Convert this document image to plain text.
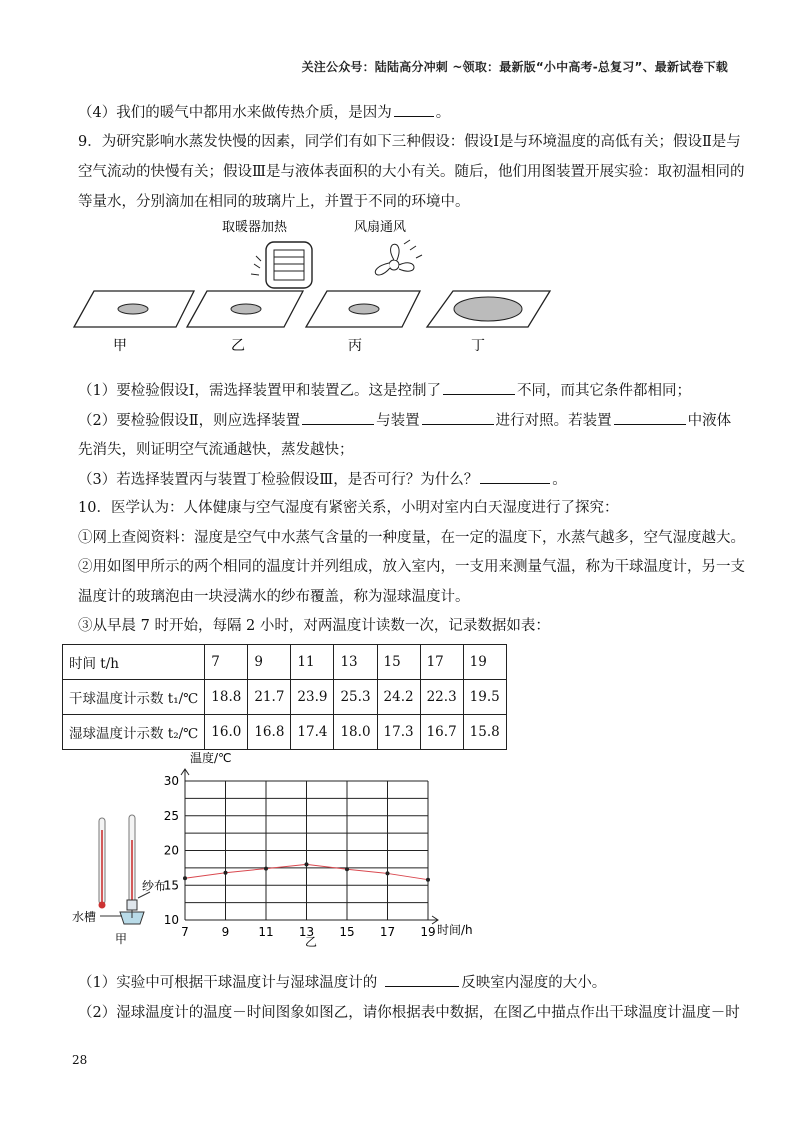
关注公众号：陆陆高分冲刺 ~领取：最新版“小中高考-总复习”、最新试卷下载
（4）我们的暖气中都用水来做传热介质，是因为	。
9．为研究影响水蒸发快慢的因素，同学们有如下三种假设：假设Ⅰ是与环境温度的高低有关；假设Ⅱ是与
空气流动的快慢有关；假设Ⅲ是与液体表面积的大小有关。随后，他们用图装置开展实验：取初温相同的
等量水，分别滴加在相同的玻璃片上，并置于不同的环境中。
取暖器加热	风扇通风
甲	乙	丙	丁
（1）要检验假设Ⅰ，需选择装置甲和装置乙。这是控制了	不同，而其它条件都相同；
（2）要检验假设Ⅱ，则应选择装置	与装置	进行对照。若装置	中液体
先消失，则证明空气流通越快，蒸发越快；
（3）若选择装置丙与装置丁检验假设Ⅲ，是否可行？为什么？	。
10．医学认为：人体健康与空气湿度有紧密关系，小明对室内白天湿度进行了探究：
①网上查阅资料：湿度是空气中水蒸气含量的一种度量，在一定的温度下，水蒸气越多，空气湿度越大。
②用如图甲所示的两个相同的温度计并列组成，放入室内，一支用来测量气温，称为干球温度计，另一支
温度计的玻璃泡由一块浸满水的纱布覆盖，称为湿球温度计。
③从早晨 7 时开始，每隔 2 小时，对两温度计读数一次，记录数据如表：
时间 t/h	7	9	11	13	15	17	19
干球温度计示数 t₁/℃	18.8	21.7	23.9	25.3	24.2	22.3	19.5
湿球温度计示数 t₂/℃	16.0	16.8	17.4	18.0	17.3	16.7	15.8
纱布
水槽
甲	7	9 11 13 15 17 19
10
15
20
25
30
温度/℃
时间/h
乙
（1）实验中可根据干球温度计与湿球温度计的	反映室内湿度的大小。
（2）湿球温度计的温度－时间图象如图乙，请你根据表中数据，在图乙中描点作出干球温度计温度－时
28
